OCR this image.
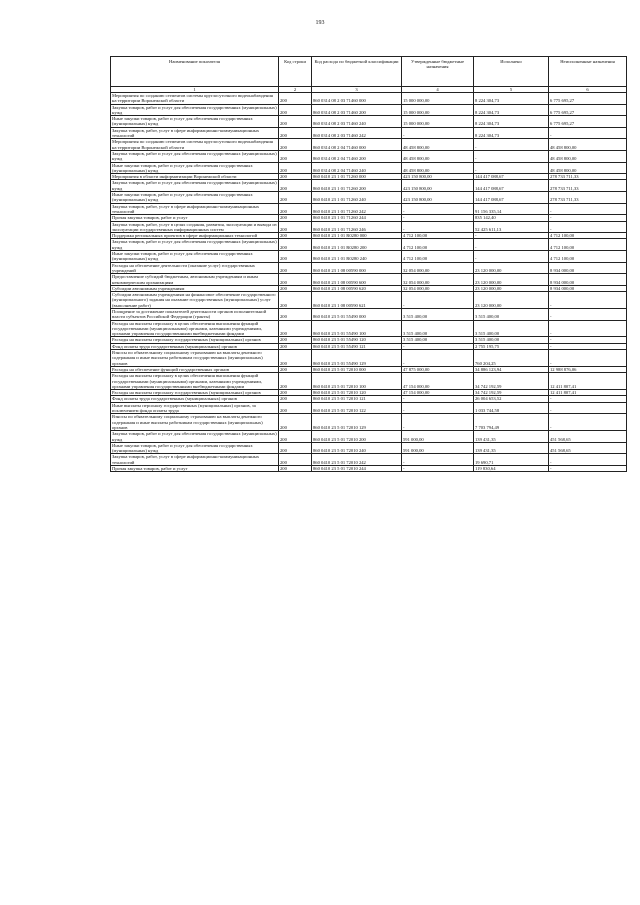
193
Наименование показателя	Код строки	Код расхода по бюджетной классификации	Утвержденные бюджетные назначения	Исполнено	Неисполненные назначения
1	2	3	4	5	6
Мероприятия по созданию сегментов системы круглосуточного видеонаблюдения на территории Воронежской области	200	860 0314 08 2 03 71460 000	15 000 000,00	8 224 304,73	6 775 695,27
Закупка товаров, работ и услуг для обеспечения государственных (муниципальных) нужд	200	860 0314 08 2 03 71460 200	15 000 000,00	8 224 304,73	6 775 695,27
Иные закупки товаров, работ и услуг для обеспечения государственных (муниципальных) нужд	200	860 0314 08 2 03 71460 240	15 000 000,00	8 224 304,73	6 775 695,27
Закупка товаров, работ, услуг в сфере информационно-коммуникационных технологий	200	860 0314 08 2 03 71460 242	-	8 224 304,73	-
Мероприятия по созданию сегментов системы круглосуточного видеонаблюдения на территории Воронежской области	200	860 0314 08 2 04 71460 000	48 458 800,00	-	48 458 800,00
Закупка товаров, работ и услуг для обеспечения государственных (муниципальных) нужд	200	860 0314 08 2 04 71460 200	48 458 800,00	-	48 458 800,00
Иные закупки товаров, работ и услуг для обеспечения государственных (муниципальных) нужд	200	860 0314 08 2 04 71460 240	48 458 800,00	-	48 458 800,00
Мероприятия в области информатизации Воронежской области	200	860 0410 23 1 01 71260 000	423 150 800,00	144 417 088,67	278 733 711,33
Закупка товаров, работ и услуг для обеспечения государственных (муниципальных) нужд	200	860 0410 23 1 01 71260 200	423 150 800,00	144 417 088,67	278 733 711,33
Иные закупки товаров, работ и услуг для обеспечения государственных (муниципальных) нужд	200	860 0410 23 1 01 71260 240	423 150 800,00	144 417 088,67	278 733 711,33
Закупка товаров, работ, услуг в сфере информационно-коммуникационных технологий	200	860 0410 23 1 01 71260 242	-	91 156 335,14	-
Прочая закупка товаров, работ и услуг	200	860 0410 23 1 01 71260 244	-	835 142,40	-
Закупка товаров, работ, услуг в целях создания, развития, эксплуатации и вывода из эксплуатации государственных информационных систем	200	860 0410 23 1 01 71260 246	-	52 425 611,13	-
Поддержка региональных проектов в сфере информационных технологий	200	860 0410 23 1 01 R0280 000	4 712 100,00	-	4 712 100,00
Закупка товаров, работ и услуг для обеспечения государственных (муниципальных) нужд	200	860 0410 23 1 01 R0280 200	4 712 100,00	-	4 712 100,00
Иные закупки товаров, работ и услуг для обеспечения государственных (муниципальных) нужд	200	860 0410 23 1 01 R0280 240	4 712 100,00	-	4 712 100,00
Расходы на обеспечение деятельности (оказание услуг) государственных учреждений	200	860 0410 23 1 08 00590 000	32 054 000,00	23 120 000,00	8 934 000,00
Предоставление субсидий бюджетным, автономным учреждениям и иным некоммерческим организациям	200	860 0410 23 1 08 00590 600	32 054 000,00	23 120 000,00	8 934 000,00
Субсидии автономным учреждениям	200	860 0410 23 1 08 00590 620	32 054 000,00	23 120 000,00	8 934 000,00
Субсидии автономным учреждениям на финансовое обеспечение государственного (муниципального) задания на оказание государственных (муниципальных) услуг (выполнение работ)	200	860 0410 23 1 08 00590 621	-	23 120 000,00	-
Поощрение за достижение показателей деятельности органов исполнительной власти субъектов Российской Федерации (гранты)	200	860 0410 23 5 01 55490 000	3 515 400,00	3 515 400,00	-
Расходы на выплаты персоналу в целях обеспечения выполнения функций государственными (муниципальными) органами, казенными учреждениями, органами управления государственными внебюджетными фондами	200	860 0410 23 5 01 55490 100	3 515 400,00	3 515 400,00	-
Расходы на выплаты персоналу государственных (муниципальных) органов	200	860 0410 23 5 01 55490 120	3 515 400,00	3 515 400,00	-
Фонд оплаты труда государственных (муниципальных) органов	200	860 0410 23 5 01 55490 121	-	2 755 195,75	-
Взносы по обязательному социальному страхованию на выплаты денежного содержания и иные выплаты работникам государственных (муниципальных) органов	200	860 0410 23 5 01 55490 129	-	760 204,25	-
Расходы на обеспечение функций государственных органов	200	860 0410 23 5 01 72010 000	47 875 000,00	34 886 123,94	12 988 876,06
Расходы на выплаты персоналу в целях обеспечения выполнения функций государственными (муниципальными) органами, казенными учреждениями, органами управления государственными внебюджетными фондами	200	860 0410 23 5 01 72010 100	47 154 000,00	34 742 192,59	12 411 807,41
Расходы на выплаты персоналу государственных (муниципальных) органов	200	860 0410 23 5 01 72010 120	47 154 000,00	34 742 192,59	12 411 807,41
Фонд оплаты труда государственных (муниципальных) органов	200	860 0410 23 5 01 72010 121	-	26 004 653,52	-
Иные выплаты персоналу государственных (муниципальных) органов, за исключением фонда оплаты труда	200	860 0410 23 5 01 72010 122	-	1 033 744,58	-
Взносы по обязательному социальному страхованию на выплаты денежного содержания и иные выплаты работникам государственных (муниципальных) органов	200	860 0410 23 5 01 72010 129	-	7 703 794,49	-
Закупка товаров, работ и услуг для обеспечения государственных (муниципальных) нужд	200	860 0410 23 5 01 72010 200	591 000,00	139 431,35	451 568,65
Иные закупки товаров, работ и услуг для обеспечения государственных (муниципальных) нужд	200	860 0410 23 5 01 72010 240	591 000,00	139 431,35	451 568,65
Закупка товаров, работ, услуг в сфере информационно-коммуникационных технологий	200	860 0410 23 5 01 72010 242	-	19 690,71	-
Прочая закупка товаров, работ и услуг	200	860 0410 23 5 01 72010 244	-	119 830,64	-
